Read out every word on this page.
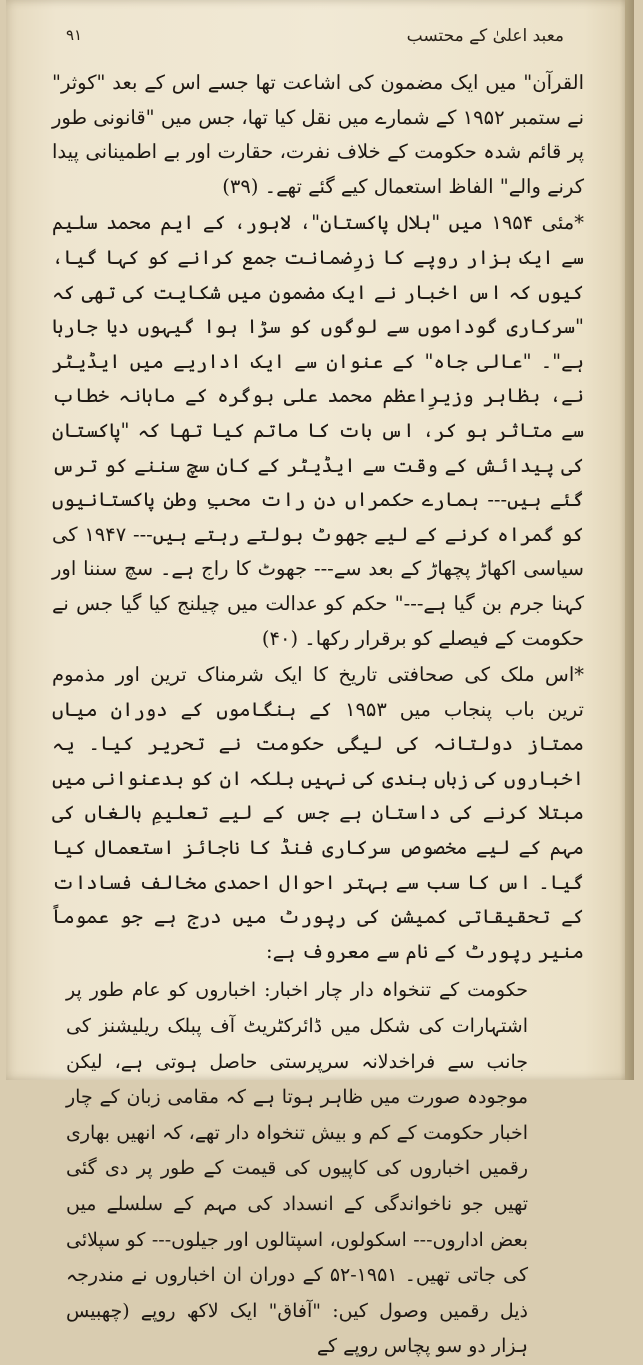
۹۱	معبد اعلیٰ کے محتسب

القرآن" میں ایک مضمون کی اشاعت تھا جسے اس کے بعد "کوثر" نے ستمبر ۱۹۵۲ کے شمارے میں نقل کیا تھا، جس میں "قانونی طور پر قائم شدہ حکومت کے خلاف نفرت، حقارت اور بے اطمینانی پیدا کرنے والے" الفاظ استعمال کیے گئے تھے۔ (۳۹)

*مئی ۱۹۵۴ میں "ہلال پاکستان"، لاہور، کے ایم محمد سلیم سے ایک ہزار روپے کا زرِضمانت جمع کرانے کو کہا گیا، کیوں کہ اس اخبار نے ایک مضمون میں شکایت کی تھی کہ "سرکاری گوداموں سے لوگوں کو سڑا ہوا گیہوں دیا جارہا ہے"۔ "عالی جاہ" کے عنوان سے ایک اداریے میں ایڈیٹر نے، بظاہر وزیرِاعظم محمد علی بوگرہ کے ماہانہ خطاب سے متاثر ہو کر، اس بات کا ماتم کیا تھا کہ "پاکستان کی پیدائش کے وقت سے ایڈیٹر کے کان سچ سننے کو ترس گئے ہیں--- ہمارے حکمراں دن رات محبِ وطن پاکستانیوں کو گمراہ کرنے کے لیے جھوٹ بولتے رہتے ہیں--- ۱۹۴۷ کی سیاسی اکھاڑ پچھاڑ کے بعد سے--- جھوٹ کا راج ہے۔ سچ سننا اور کہنا جرم بن گیا ہے---" حکم کو عدالت میں چیلنج کیا گیا جس نے حکومت کے فیصلے کو برقرار رکھا۔ (۴۰)

*اس ملک کی صحافتی تاریخ کا ایک شرمناک ترین اور مذموم ترین باب پنجاب میں ۱۹۵۳ کے ہنگاموں کے دوران میاں ممتاز دولتانہ کی لیگی حکومت نے تحریر کیا۔ یہ اخباروں کی زباں بندی کی نہیں بلکہ ان کو بدعنوانی میں مبتلا کرنے کی داستان ہے جس کے لیے تعلیمِ بالغاں کی مہم کے لیے مخصوص سرکاری فنڈ کا ناجائز استعمال کیا گیا۔ اس کا سب سے بہتر احوال احمدی مخالف فسادات کے تحقیقاتی کمیشن کی رپورٹ میں درج ہے جو عموماً منیر رپورٹ کے نام سے معروف ہے:

حکومت کے تنخواہ دار چار اخبار: اخباروں کو عام طور پر اشتہارات کی شکل میں ڈائرکٹریٹ آف پبلک ریلیشنز کی جانب سے فراخدلانہ سرپرستی حاصل ہوتی ہے، لیکن موجودہ صورت میں ظاہر ہوتا ہے کہ مقامی زبان کے چار اخبار حکومت کے کم و بیش تنخواہ دار تھے، کہ انھیں بھاری رقمیں اخباروں کی کاپیوں کی قیمت کے طور پر دی گئی تھیں جو ناخواندگی کے انسداد کی مہم کے سلسلے میں بعض اداروں--- اسکولوں، اسپتالوں اور جیلوں--- کو سپلائی کی جاتی تھیں۔ ۱۹۵۱-۵۲ کے دوران ان اخباروں نے مندرجہ ذیل رقمیں وصول کیں: "آفاق" ایک لاکھ روپے (چھبیس ہزار دو سو پچاس روپے کے
